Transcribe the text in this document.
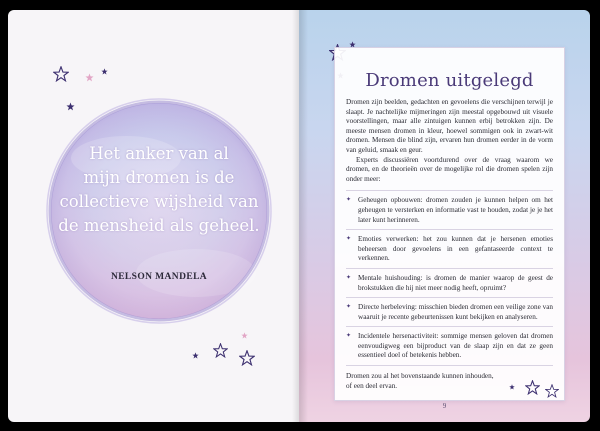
Het anker van al
mijn dromen is de
collectieve wijsheid van
de mensheid als geheel.
NELSON MANDELA
Dromen uitgelegd

Dromen zijn beelden, gedachten en gevoelens die verschijnen terwijl je slaapt. Je nachtelijke mijmeringen zijn meestal opgebouwd uit visuele voorstellingen, maar alle zintuigen kunnen erbij betrokken zijn. De meeste mensen dromen in kleur, hoewel sommigen ook in zwart-wit dromen. Mensen die blind zijn, ervaren hun dromen eerder in de vorm van geluid, smaak en geur.

Experts discussiëren voortdurend over de vraag waarom we dromen, en de theorieën over de mogelijke rol die dromen spelen zijn onder meer:

✦ Geheugen opbouwen: dromen zouden je kunnen helpen om het geheugen te versterken en informatie vast te houden, zodat je je het later kunt herinneren.
✦ Emoties verwerken: het zou kunnen dat je hersenen emoties beheersen door gevoelens in een gefantaseerde context te verkennen.
✦ Mentale huishouding: is dromen de manier waarop de geest de brokstukken die hij niet meer nodig heeft, opruimt?
✦ Directe herbeleving: misschien bieden dromen een veilige zone van waaruit je recente gebeurtenissen kunt bekijken en analyseren.
✦ Incidentele hersenactiviteit: sommige mensen geloven dat dromen eenvoudigweg een bijproduct van de slaap zijn en dat ze geen essentieel doel of betekenis hebben.
Dromen zou al het bovenstaande kunnen inhouden,
of een deel ervan.
9
